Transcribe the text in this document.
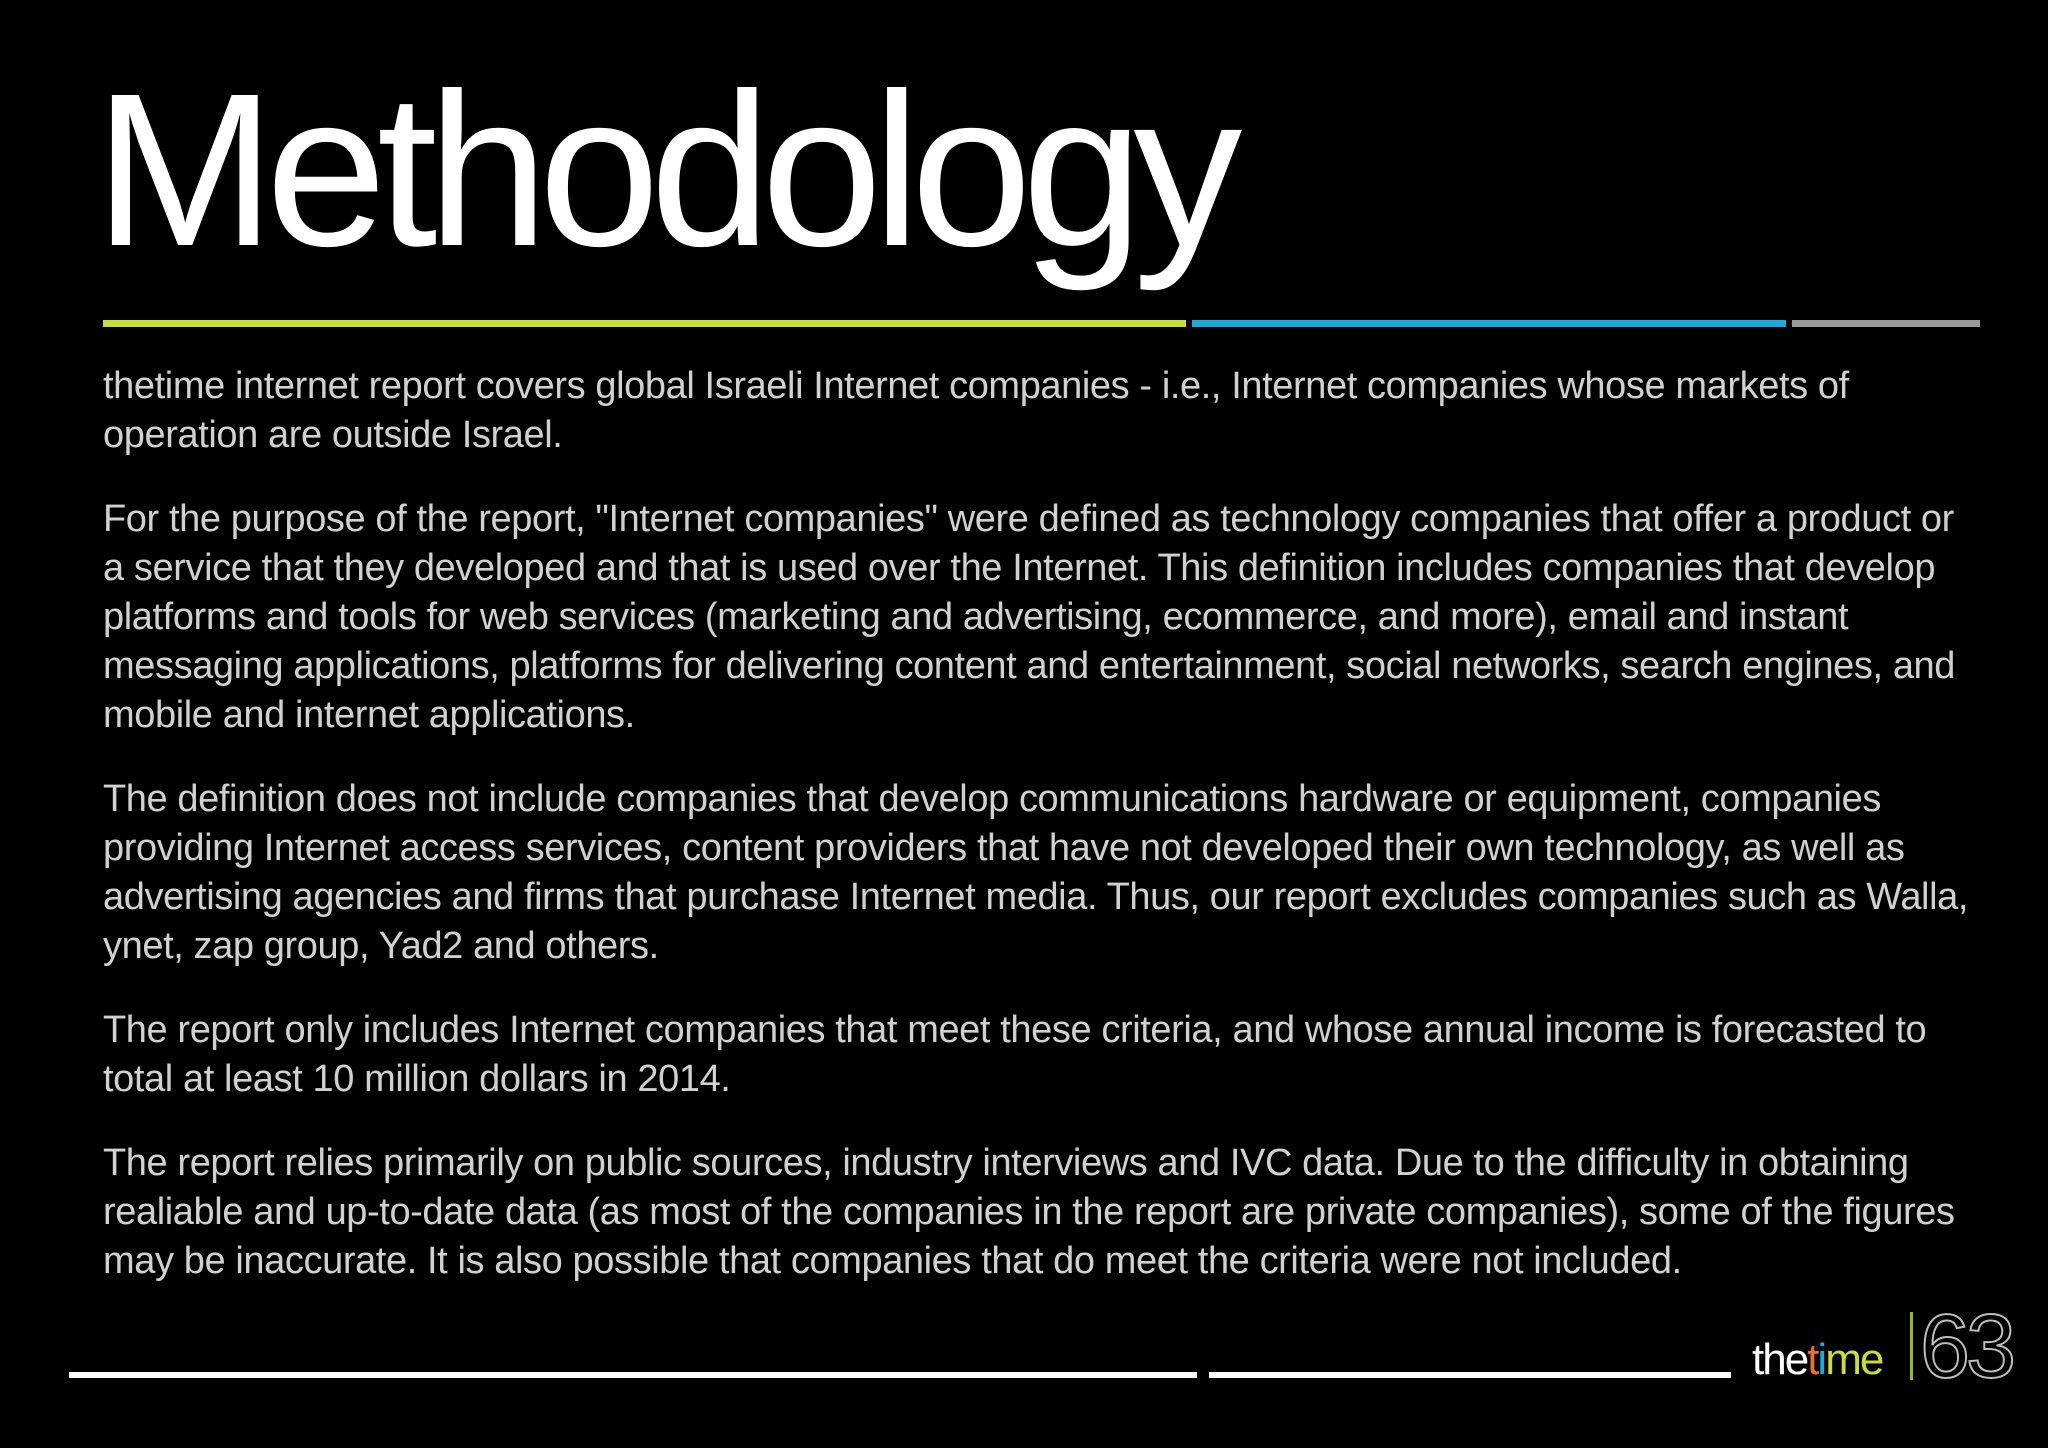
Methodology

thetime internet report covers global Israeli Internet companies - i.e., Internet companies whose markets of operation are outside Israel.

For the purpose of the report, "Internet companies" were defined as technology companies that offer a product or a service that they developed and that is used over the Internet. This definition includes companies that develop platforms and tools for web services (marketing and advertising, ecommerce, and more), email and instant messaging applications, platforms for delivering content and entertainment, social networks, search engines, and mobile and internet applications.

The definition does not include companies that develop communications hardware or equipment, companies providing Internet access services, content providers that have not developed their own technology, as well as advertising agencies and firms that purchase Internet media. Thus, our report excludes companies such as Walla, ynet, zap group, Yad2 and others.

The report only includes Internet companies that meet these criteria, and whose annual income is forecasted to total at least 10 million dollars in 2014.

The report relies primarily on public sources, industry interviews and IVC data. Due to the difficulty in obtaining realiable and up-to-date data (as most of the companies in the report are private companies), some of the figures may be inaccurate. It is also possible that companies that do meet the criteria were not included.

thetime 63
